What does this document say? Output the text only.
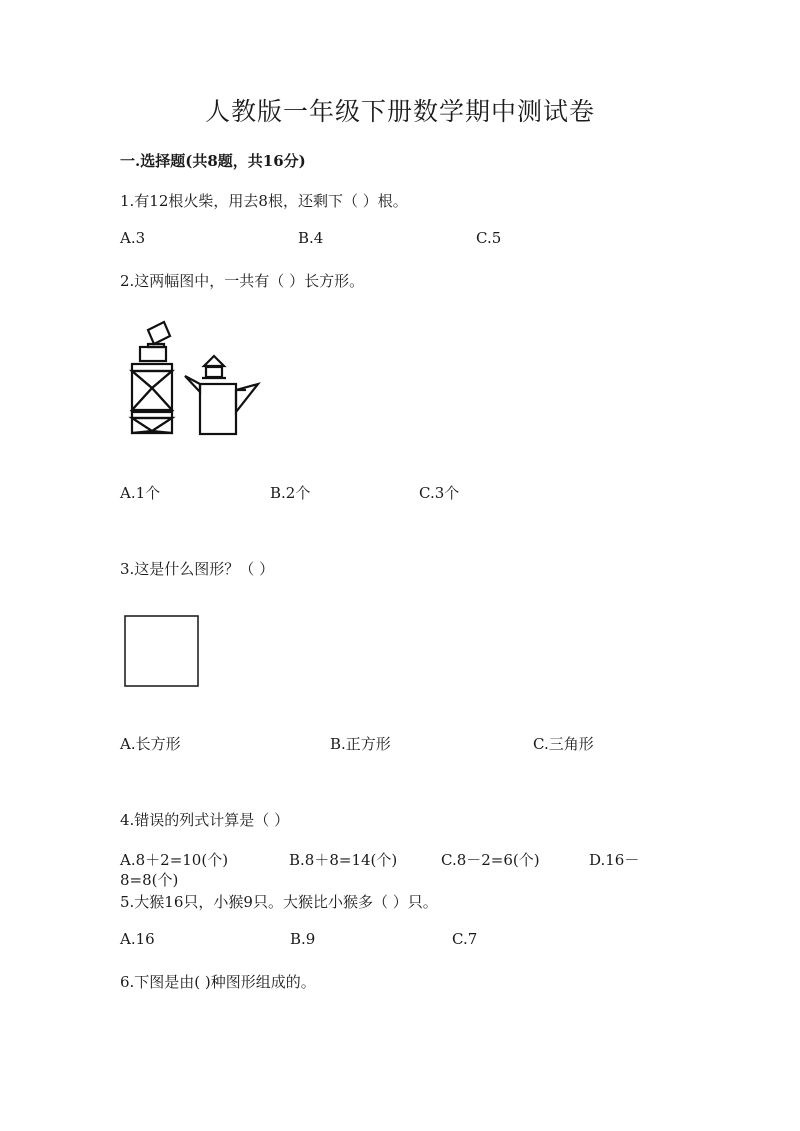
人教版一年级下册数学期中测试卷
一.选择题(共8题，共16分)
1.有12根火柴，用去8根，还剩下（ ）根。
A.3	B.4	C.5
2.这两幅图中，一共有（ ）长方形。
A.1个	B.2个	C.3个
3.这是什么图形？（ ）
A.长方形	B.正方形	C.三角形
4.错误的列式计算是（ ）
A.8＋2=10(个)	B.8＋8=14(个)	C.8－2=6(个)	D.16－
8=8(个)
5.大猴16只，小猴9只。大猴比小猴多（ ）只。
A.16	B.9	C.7
6.下图是由( )种图形组成的。
